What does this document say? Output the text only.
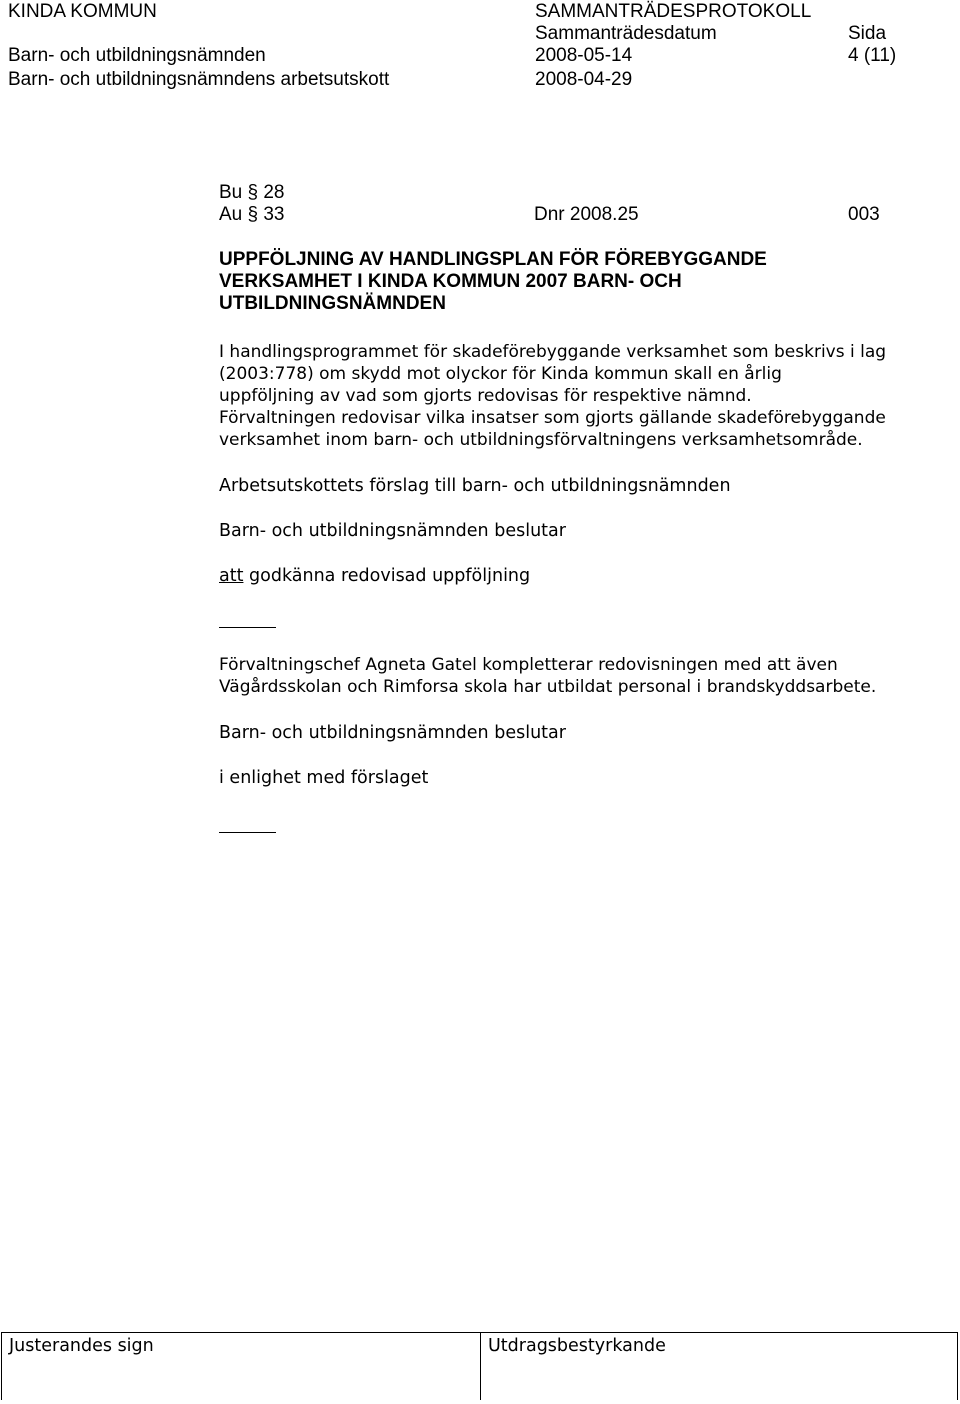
KINDA KOMMUN	SAMMANTRÄDESPROTOKOLL
Sammanträdesdatum	Sida
Barn- och utbildningsnämnden	2008-05-14	4 (11)
Barn- och utbildningsnämndens arbetsutskott	2008-04-29
Bu § 28
Au § 33	Dnr 2008.25	003
UPPFÖLJNING AV HANDLINGSPLAN FÖR FÖREBYGGANDE
VERKSAMHET I KINDA KOMMUN 2007 BARN- OCH
UTBILDNINGSNÄMNDEN
I handlingsprogrammet för skadeförebyggande verksamhet som beskrivs i lag
(2003:778) om skydd mot olyckor för Kinda kommun skall en årlig
uppföljning av vad som gjorts redovisas för respektive nämnd.
Förvaltningen redovisar vilka insatser som gjorts gällande skadeförebyggande
verksamhet inom barn- och utbildningsförvaltningens verksamhetsområde.
Arbetsutskottets förslag till barn- och utbildningsnämnden
Barn- och utbildningsnämnden beslutar
att godkänna redovisad uppföljning
Förvaltningschef Agneta Gatel kompletterar redovisningen med att även
Vägårdsskolan och Rimforsa skola har utbildat personal i brandskyddsarbete.
Barn- och utbildningsnämnden beslutar
i enlighet med förslaget
Justerandes sign	Utdragsbestyrkande
